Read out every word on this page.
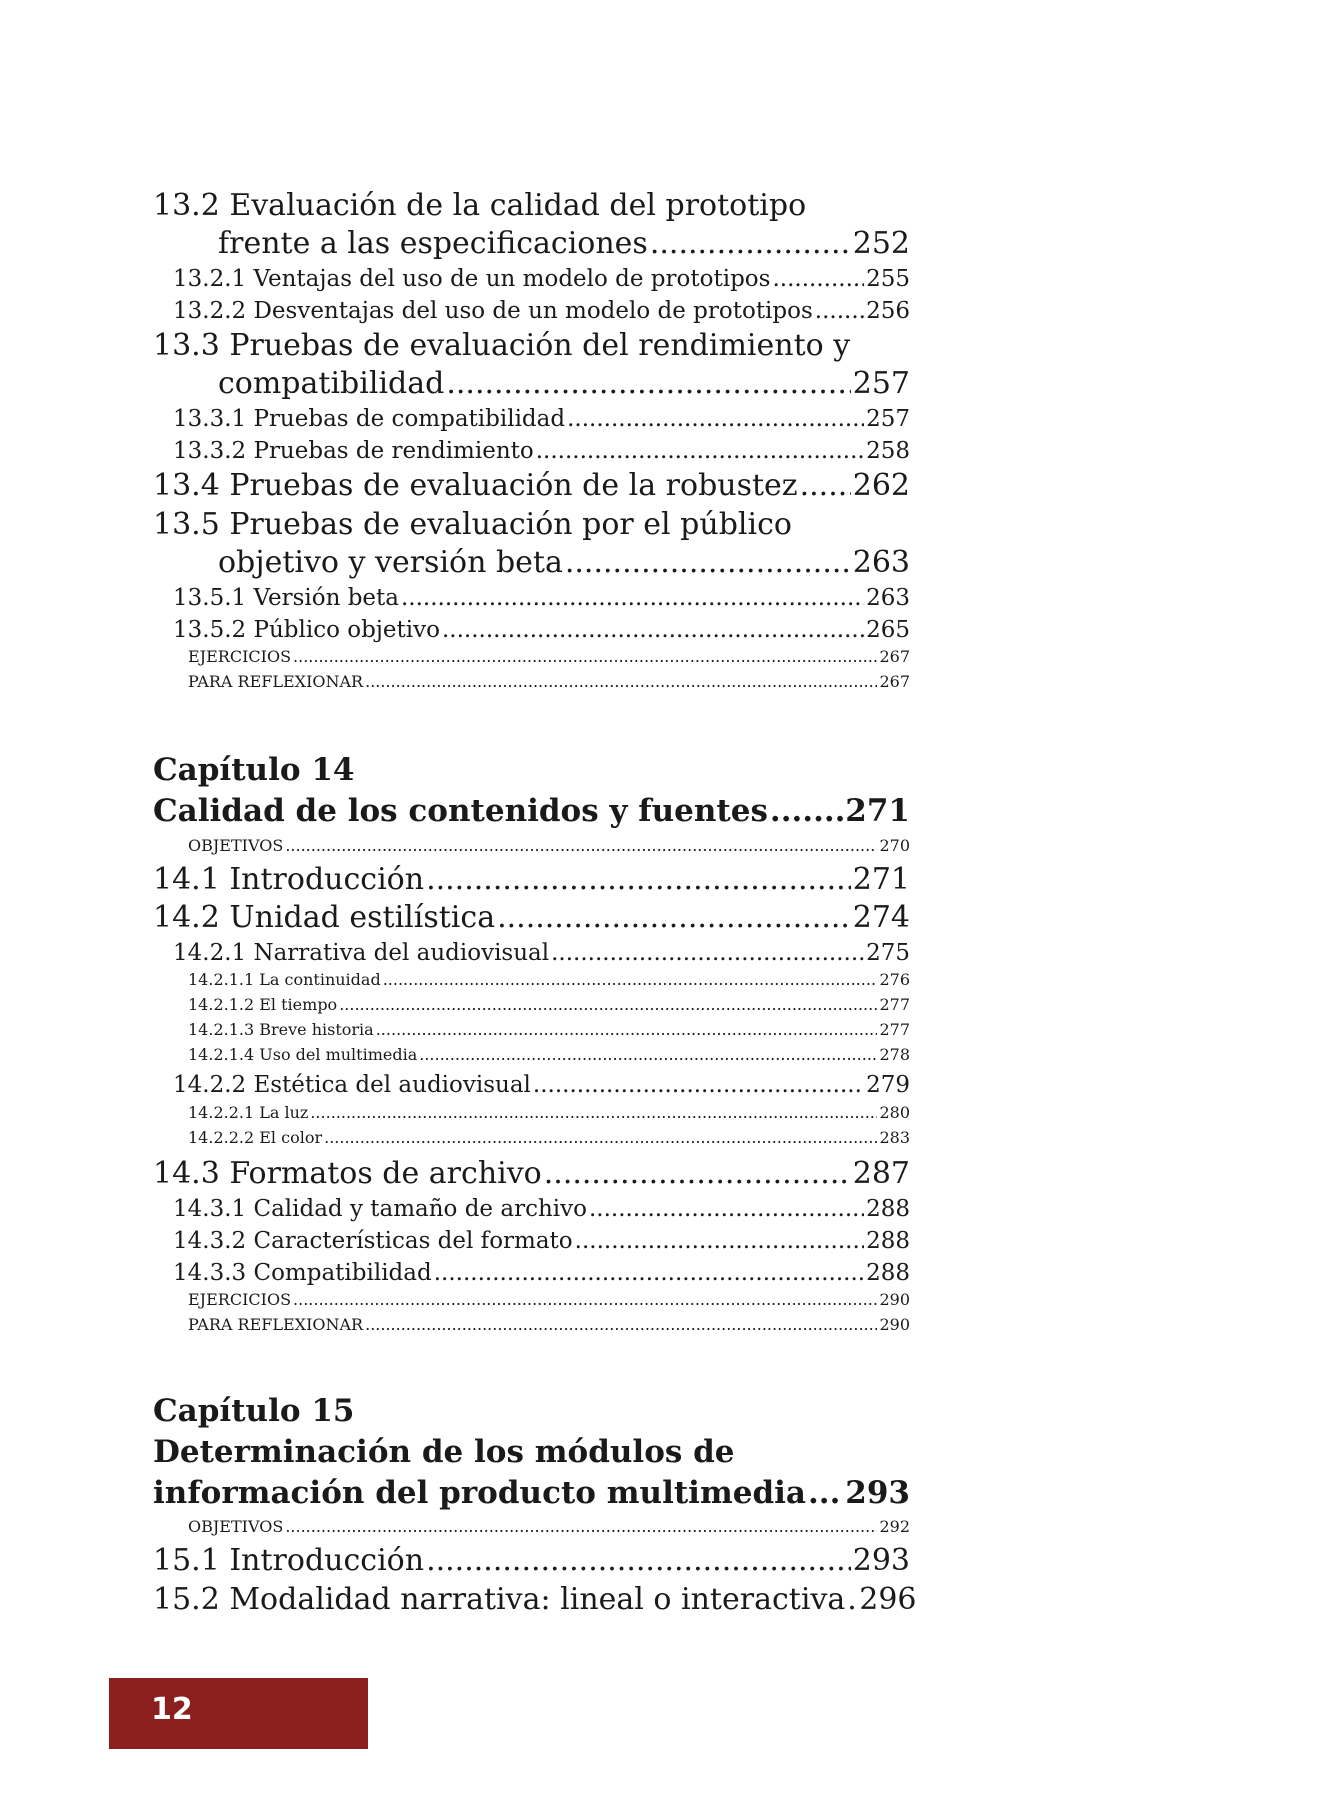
13.2 Evaluación de la calidad del prototipo
frente a las especificaciones .....	252
13.2.1 Ventajas del uso de un modelo de prototipos .....	255
13.2.2 Desventajas del uso de un modelo de prototipos ..... 256
13.3 Pruebas de evaluación del rendimiento y
compatibilidad .....	257
13.3.1 Pruebas de compatibilidad .....	257
13.3.2 Pruebas de rendimiento .....	258
13.4 Pruebas de evaluación de la robustez ..... 262
13.5 Pruebas de evaluación por el público
objetivo y versión beta .....	263
13.5.1 Versión beta .....	263
13.5.2 Público objetivo .....	265
EJERCICIOS .....	267
PARA REFLEXIONAR .....	267
Capítulo 14
Calidad de los contenidos y fuentes ..... 271
OBJETIVOS .....	270
14.1 Introducción .....	271
14.2 Unidad estilística .....	274
14.2.1 Narrativa del audiovisual .....	275
14.2.1.1 La continuidad .....	276
14.2.1.2 El tiempo .....	277
14.2.1.3 Breve historia .....	277
14.2.1.4 Uso del multimedia .....	278
14.2.2 Estética del audiovisual .....	279
14.2.2.1 La luz .....	280
14.2.2.2 El color .....	283
14.3 Formatos de archivo .....	287
14.3.1 Calidad y tamaño de archivo .....	288
14.3.2 Características del formato .....	288
14.3.3 Compatibilidad .....	288
EJERCICIOS .....	290
PARA REFLEXIONAR .....	290
Capítulo 15
Determinación de los módulos de
información del producto multimedia ..... 293
OBJETIVOS .....	292
15.1 Introducción .....	293
15.2 Modalidad narrativa: lineal o interactiva ..... 296
12
